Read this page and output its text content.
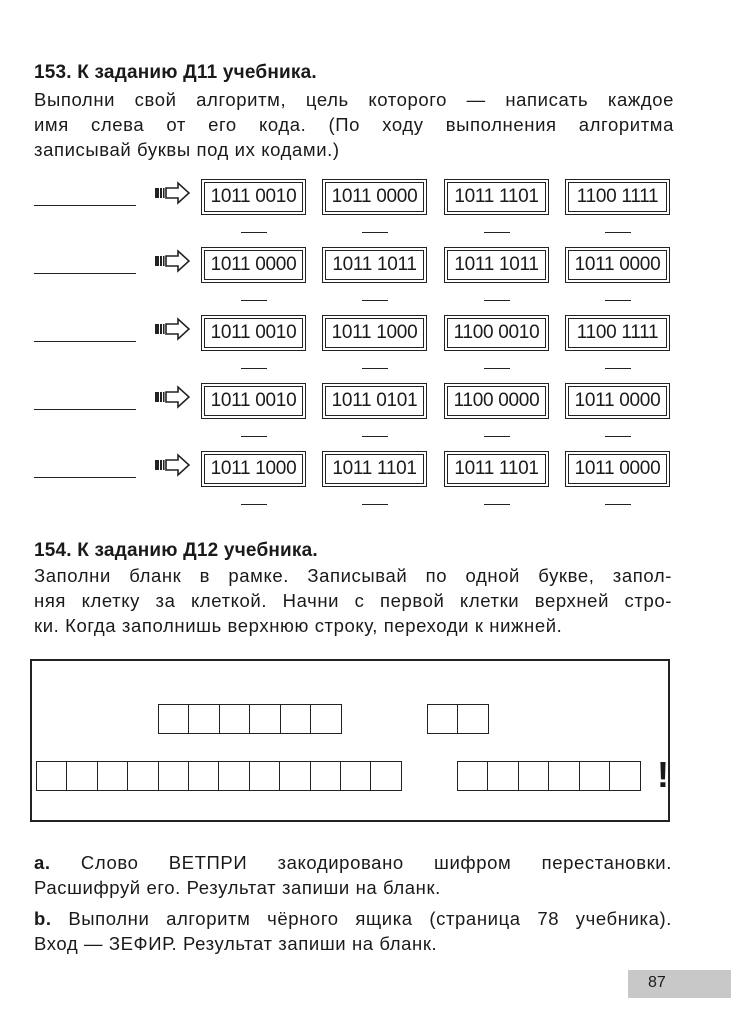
153. К заданию Д11 учебника.
Выполни свой алгоритм, цель которого — написать каждое
имя слева от его кода. (По ходу выполнения алгоритма
записывай буквы под их кодами.)
1011 0010	1011 0000	1011 1101	1100 1111
1011 0000	1011 1011	1011 1011	1011 0000
1011 0010	1011 1000	1100 0010	1100 1111
1011 0010	1011 0101	1100 0000	1011 0000
1011 1000	1011 1101	1011 1101	1011 0000
154. К заданию Д12 учебника.
Заполни бланк в рамке. Записывай по одной букве, запол-
няя клетку за клеткой. Начни с первой клетки верхней стро-
ки. Когда заполнишь верхнюю строку, переходи к нижней.
!
a. Слово ВЕТПРИ закодировано шифром перестановки.
Расшифруй его. Результат запиши на бланк.
b. Выполни алгоритм чёрного ящика (страница 78 учебника).
Вход — ЗЕФИР. Результат запиши на бланк.
87
